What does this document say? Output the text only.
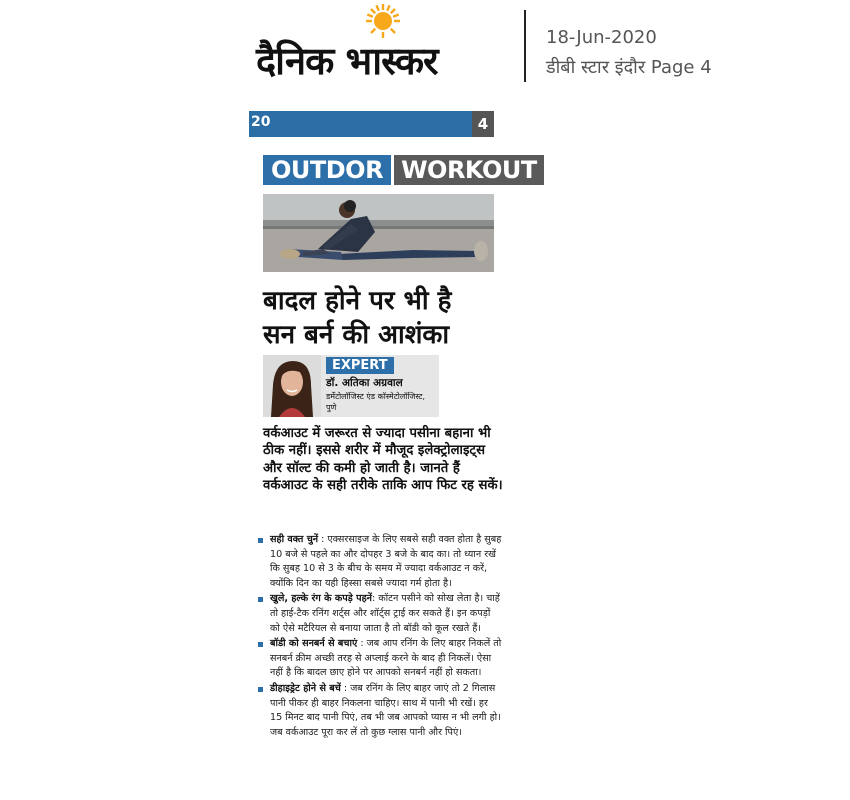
दैनिक भास्कर
18-Jun-2020
डीबी स्टार इंदौर Page 4
20	4
OUTDOR WORKOUT
बादल होने पर भी है
सन बर्न की आशंका
EXPERT
डॉ. अतिका अग्रवाल
डर्मेटोलॉजिस्ट एंड कॉस्मेटोलॉजिस्ट, पुणे
वर्कआउट में जरूरत से ज्यादा पसीना बहाना भी ठीक नहीं। इससे शरीर में मौजूद इलेक्ट्रोलाइट्स और सॉल्ट की कमी हो जाती है। जानते हैं वर्कआउट के सही तरीके ताकि आप फिट रह सकें।
सही वक्त चुनें : एक्सरसाइज के लिए सबसे सही वक्त होता है सुबह 10 बजे से पहले का और दोपहर 3 बजे के बाद का। तो ध्यान रखें कि सुबह 10 से 3 के बीच के समय में ज्यादा वर्कआउट न करें, क्योंकि दिन का यही हिस्सा सबसे ज्यादा गर्म होता है।
खुले, हल्के रंग के कपड़े पहनें: कॉटन पसीने को सोख लेता है। चाहें तो हाई-टैक रनिंग शर्ट्स और शॉर्ट्स ट्राई कर सकते हैं। इन कपड़ों को ऐसे मटैरियल से बनाया जाता है तो बॉडी को कूल रखते हैं।
बॉडी को सनबर्न से बचाएं : जब आप रनिंग के लिए बाहर निकलें तो सनबर्न क्रीम अच्छी तरह से अप्लाई करने के बाद ही निकलें। ऐसा नहीं है कि बादल छाए होने पर आपको सनबर्न नहीं हो सकता।
डीहाइड्रेट होने से बचें : जब रनिंग के लिए बाहर जाएं तो 2 गिलास पानी पीकर ही बाहर निकलना चाहिए। साथ में पानी भी रखें। हर 15 मिनट बाद पानी पिएं, तब भी जब आपको प्यास न भी लगी हो। जब वर्कआउट पूरा कर लें तो कुछ ग्लास पानी और पिएं।
